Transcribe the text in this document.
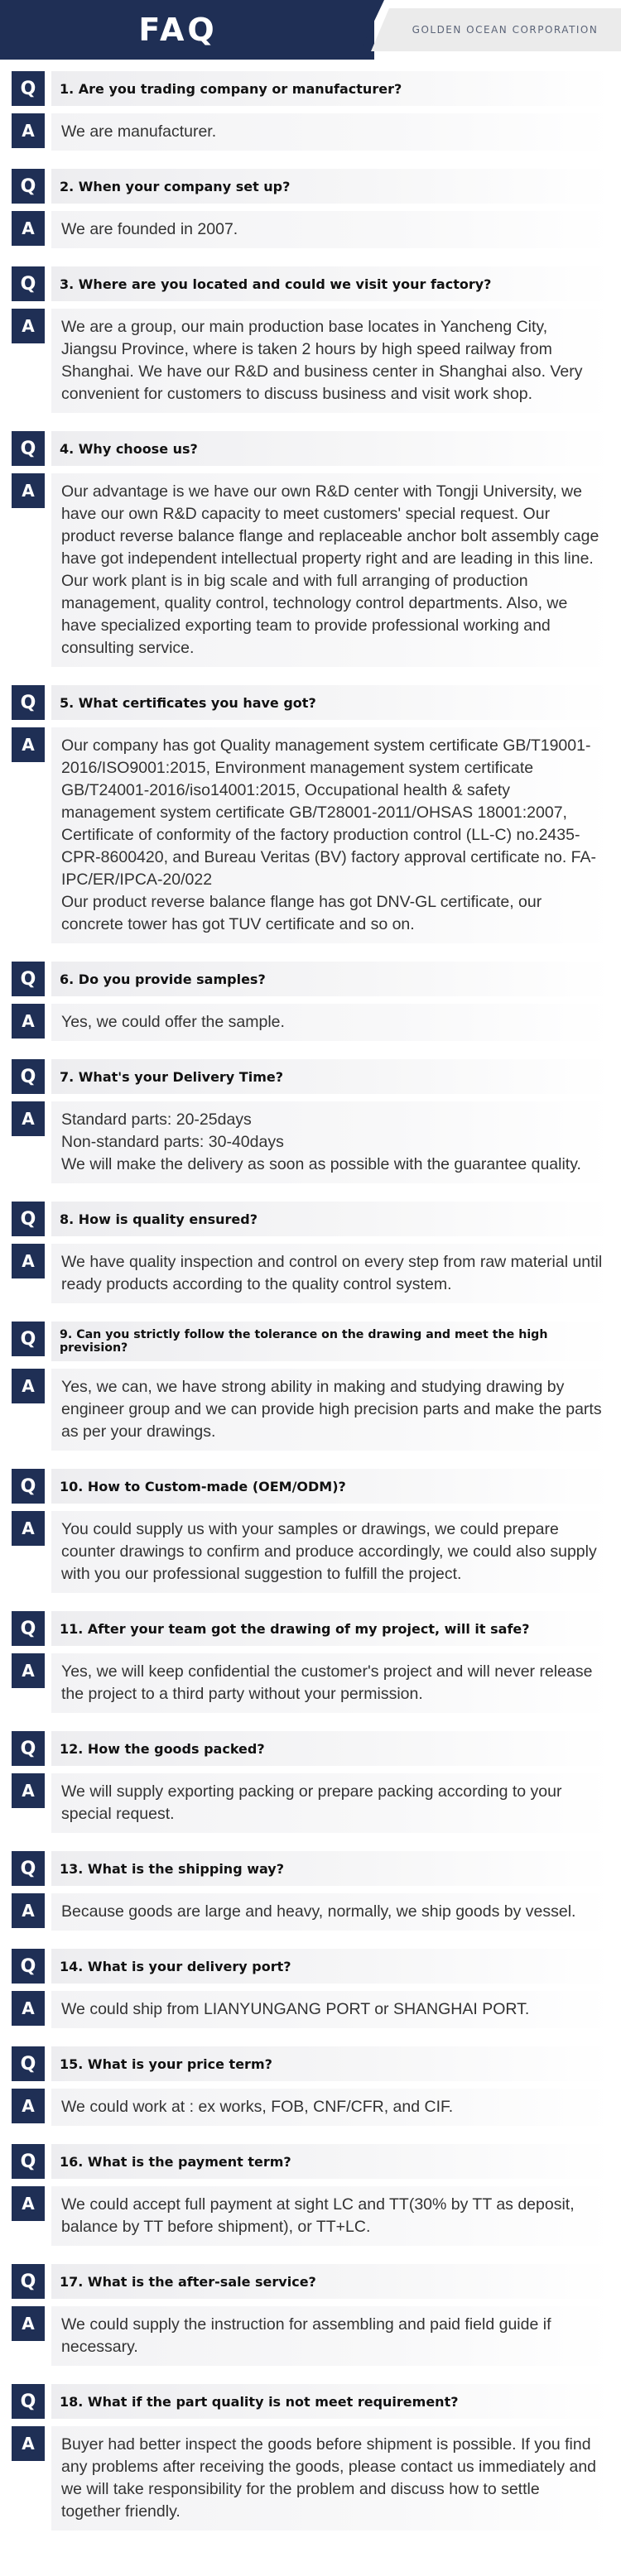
FAQ	GOLDEN OCEAN CORPORATION
Q	1. Are you trading company or manufacturer?
A	We are manufacturer.
Q	2. When your company set up?
A	We are founded in 2007.
Q	3. Where are you located and could we visit your factory?
A	We are a group, our main production base locates in Yancheng City, Jiangsu Province, where is taken 2 hours by high speed railway from Shanghai. We have our R&D and business center in Shanghai also. Very convenient for customers to discuss business and visit work shop.
Q	4. Why choose us?
A	Our advantage is we have our own R&D center with Tongji University, we have our own R&D capacity to meet customers' special request. Our product reverse balance flange and replaceable anchor bolt assembly cage have got independent intellectual property right and are leading in this line. Our work plant is in big scale and with full arranging of production management, quality control, technology control departments. Also, we have specialized exporting team to provide professional working and consulting service.
Q	5. What certificates you have got?
A	Our company has got Quality management system certificate GB/T19001-2016/ISO9001:2015, Environment management system certificate GB/T24001-2016/iso14001:2015, Occupational health & safety management system certificate GB/T28001-2011/OHSAS 18001:2007, Certificate of conformity of the factory production control (LL-C) no.2435-CPR-8600420, and Bureau Veritas (BV) factory approval certificate no. FA-IPC/ER/IPCA-20/022
Our product reverse balance flange has got DNV-GL certificate, our concrete tower has got TUV certificate and so on.
Q	6. Do you provide samples?
A	Yes, we could offer the sample.
Q	7. What's your Delivery Time?
A	Standard parts: 20-25days
Non-standard parts: 30-40days
We will make the delivery as soon as possible with the guarantee quality.
Q	8. How is quality ensured?
A	We have quality inspection and control on every step from raw material until ready products according to the quality control system.
Q	9. Can you strictly follow the tolerance on the drawing and meet the high prevision?
A	Yes, we can, we have strong ability in making and studying drawing by engineer group and we can provide high precision parts and make the parts as per your drawings.
Q	10. How to Custom-made (OEM/ODM)?
A	You could supply us with your samples or drawings, we could prepare counter drawings to confirm and produce accordingly, we could also supply with you our professional suggestion to fulfill the project.
Q	11. After your team got the drawing of my project, will it safe?
A	Yes, we will keep confidential the customer's project and will never release the project to a third party without your permission.
Q	12. How the goods packed?
A	We will supply exporting packing or prepare packing according to your special request.
Q	13. What is the shipping way?
A	Because goods are large and heavy, normally, we ship goods by vessel.
Q	14. What is your delivery port?
A	We could ship from LIANYUNGANG PORT or SHANGHAI PORT.
Q	15. What is your price term?
A	We could work at : ex works, FOB, CNF/CFR, and CIF.
Q	16. What is the payment term?
A	We could accept full payment at sight LC and TT(30% by TT as deposit, balance by TT before shipment), or TT+LC.
Q	17. What is the after-sale service?
A	We could supply the instruction for assembling and paid field guide if necessary.
Q	18. What if the part quality is not meet requirement?
A	Buyer had better inspect the goods before shipment is possible. If you find any problems after receiving the goods, please contact us immediately and we will take responsibility for the problem and discuss how to settle together friendly.
